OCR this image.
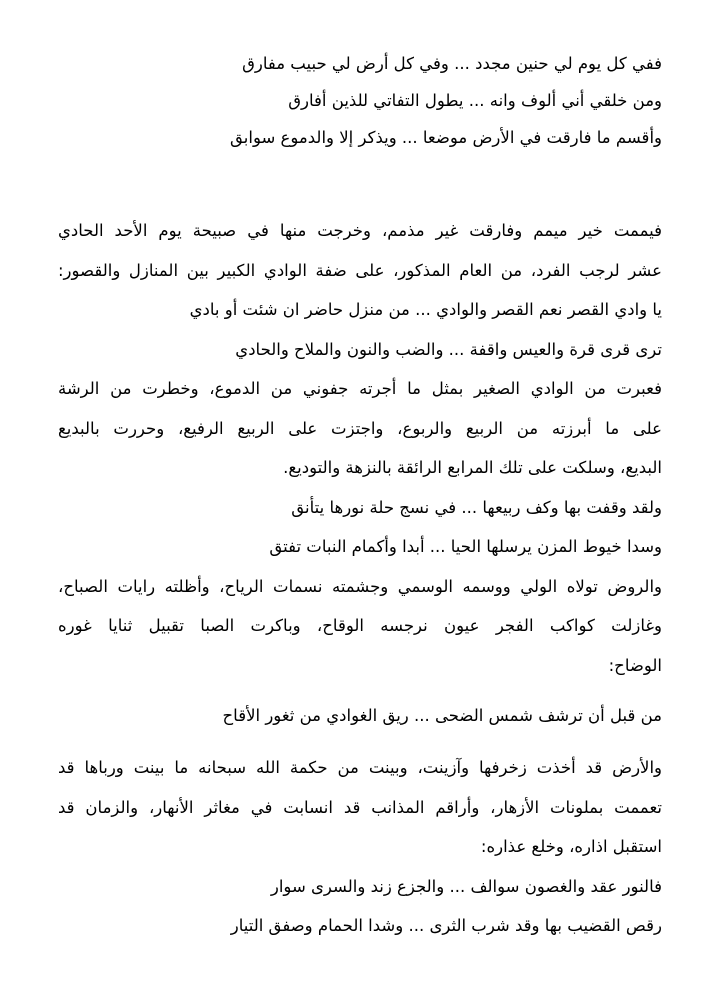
ففي كل يوم لي حنين مجدد ... وفي كل أرض لي حبيب مفارق
ومن خلقي أني ألوف وانه ... يطول التفاتي للذين أفارق
وأقسم ما فارقت في الأرض موضعا ... ويذكر إلا والدموع سوابق
فيممت خير ميمم وفارقت غير مذمم، وخرجت منها في صبيحة يوم الأحد الحادي
عشر لرجب الفرد، من العام المذكور، على ضفة الوادي الكبير بين المنازل والقصور:
يا وادي القصر نعم القصر والوادي ... من منزل حاضر ان شئت أو بادي
ترى قرى قرة والعيس واقفة ... والضب والنون والملاح والحادي
فعبرت من الوادي الصغير بمثل ما أجرته جفوني من الدموع، وخطرت من الرشة
على ما أبرزته من الربيع والربوع، واجتزت على الربيع الرفيع، وحررت بالبديع
البديع، وسلكت على تلك المرابع الرائقة بالنزهة والتوديع.
ولقد وقفت بها وكف ربيعها ... في نسج حلة نورها يتأنق
وسدا خيوط المزن يرسلها الحيا ... أبدا وأكمام النبات تفتق
والروض تولاه الولي ووسمه الوسمي وجشمته نسمات الرياح، وأظلته رايات الصباح،
وغازلت كواكب الفجر عيون نرجسه الوقاح، وباكرت الصبا تقبيل ثنايا غوره
الوضاح:
من قبل أن ترشف شمس الضحى ... ريق الغوادي من ثغور الأقاح
والأرض قد أخذت زخرفها وآزينت، وبينت من حكمة الله سبحانه ما بينت ورباها قد
تعممت بملونات الأزهار، وأراقم المذانب قد انسابت في مغاثر الأنهار، والزمان قد
استقبل اذاره، وخلع عذاره:
فالنور عقد والغصون سوالف ... والجزع زند والسرى سوار
رقص القضيب بها وقد شرب الثرى ... وشدا الحمام وصفق التيار
